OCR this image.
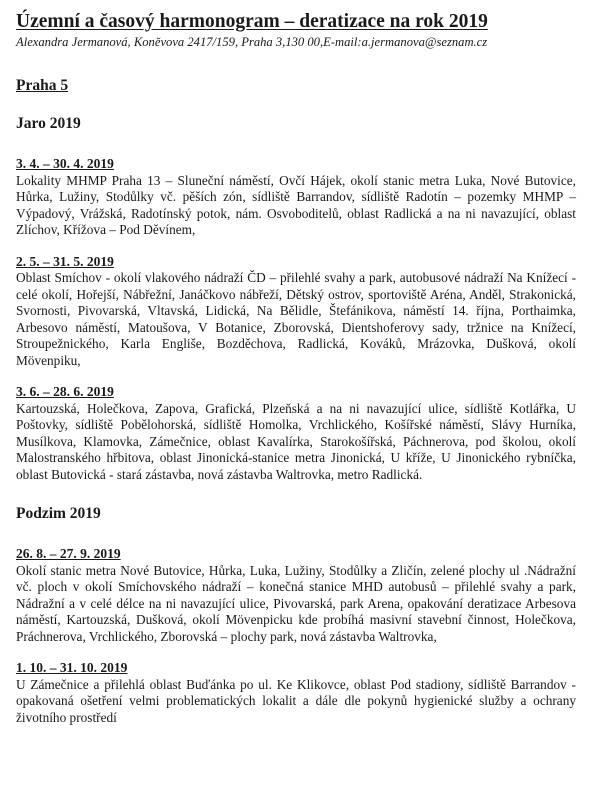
Územní a časový harmonogram – deratizace na rok 2019

Alexandra Jermanová, Koněvova 2417/159, Praha 3,130 00,E-mail:a.jermanova@seznam.cz

Praha 5
Jaro 2019

3. 4. – 30. 4. 2019

Lokality MHMP Praha 13 – Sluneční náměstí, Ovčí Hájek, okolí stanic metra Luka, Nové Butovice, Hůrka, Lužiny, Stodůlky vč. pěších zón, sídliště Barrandov, sídliště Radotín – pozemky MHMP – Výpadový, Vrážská, Radotínský potok, nám. Osvoboditelů, oblast Radlická a na ni navazující, oblast Zlíchov, Křížova – Pod Děvínem,

2. 5. – 31. 5. 2019

Oblast Smíchov - okolí vlakového nádraží ČD – přilehlé svahy a park, autobusové nádraží Na Knížecí - celé okolí, Hořejší, Nábřežní, Janáčkovo nábřeží, Dětský ostrov, sportoviště Aréna, Anděl, Strakonická, Svornosti, Pivovarská, Vltavská, Lidická, Na Bělidle, Štefánikova, náměstí 14. října, Porthaimka, Arbesovo náměstí, Matoušova, V Botanice, Zborovská, Dientshoferovy sady, tržnice na Knížecí, Stroupežnického, Karla Engliše, Bozděchova, Radlická, Kováků, Mrázovka, Dušková, okolí Mövenpiku,

3. 6. – 28. 6. 2019

Kartouzská, Holečkova, Zapova, Grafická, Plzeňská a na ni navazující ulice, sídliště Kotlářka, U Poštovky, sídliště Pobělohorská, sídliště Homolka, Vrchlického, Košířské náměstí, Slávy Hurníka, Musílkova, Klamovka, Zámečnice, oblast Kavalírka, Starokošířská, Páchnerova, pod školou, okolí Malostranského hřbitova, oblast Jinonická-stanice metra Jinonická, U kříže, U Jinonického rybníčka, oblast Butovická - stará zástavba, nová zástavba Waltrovka, metro Radlická.

Podzim 2019

26. 8. – 27. 9. 2019

Okolí stanic metra Nové Butovice, Hůrka, Luka, Lužiny, Stodůlky a Zličín, zelené plochy ul .Nádražní vč. ploch v okolí Smíchovského nádraží – konečná stanice MHD autobusů – přilehlé svahy a park, Nádražní a v celé délce na ni navazující ulice, Pivovarská, park Arena, opakování deratizace Arbesova náměstí, Kartouzská, Dušková, okolí Mövenpicku kde probíhá masivní stavební činnost, Holečkova, Práchnerova, Vrchlického, Zborovská – plochy park, nová zástavba Waltrovka,

1. 10. – 31. 10. 2019

U Zámečnice a přilehlá oblast Buďánka po ul. Ke Klikovce, oblast Pod stadiony, sídliště Barrandov - opakovaná ošetření velmi problematických lokalit a dále dle pokynů hygienické služby a ochrany životního prostředí
